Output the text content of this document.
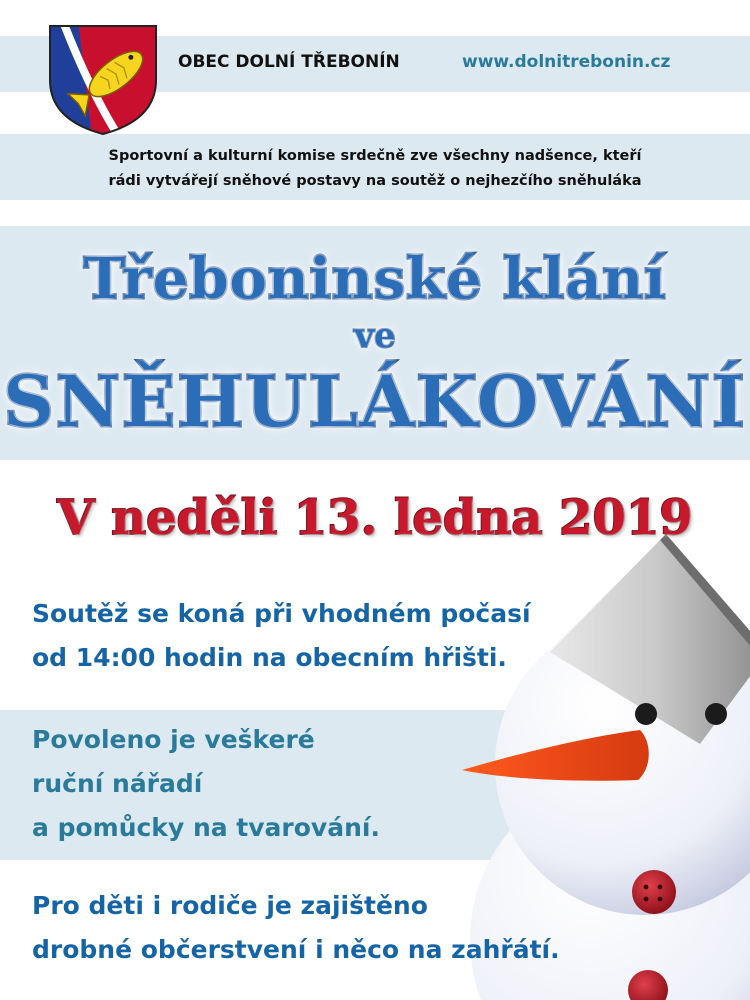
OBEC DOLNÍ TŘEBONÍN	www.dolnitrebonin.cz
Sportovní a kulturní komise srdečně zve všechny nadšence, kteří
rádi vytvářejí sněhové postavy na soutěž o nejhezčího sněhuláka
Třeboninské klání
ve
SNĚHULÁKOVÁNÍ
V neděli 13. ledna 2019
Soutěž se koná při vhodném počasí
od 14:00 hodin na obecním hřišti.
Povoleno je veškeré
ruční nářadí
a pomůcky na tvarování.
Pro děti i rodiče je zajištěno
drobné občerstvení i něco na zahřátí.
